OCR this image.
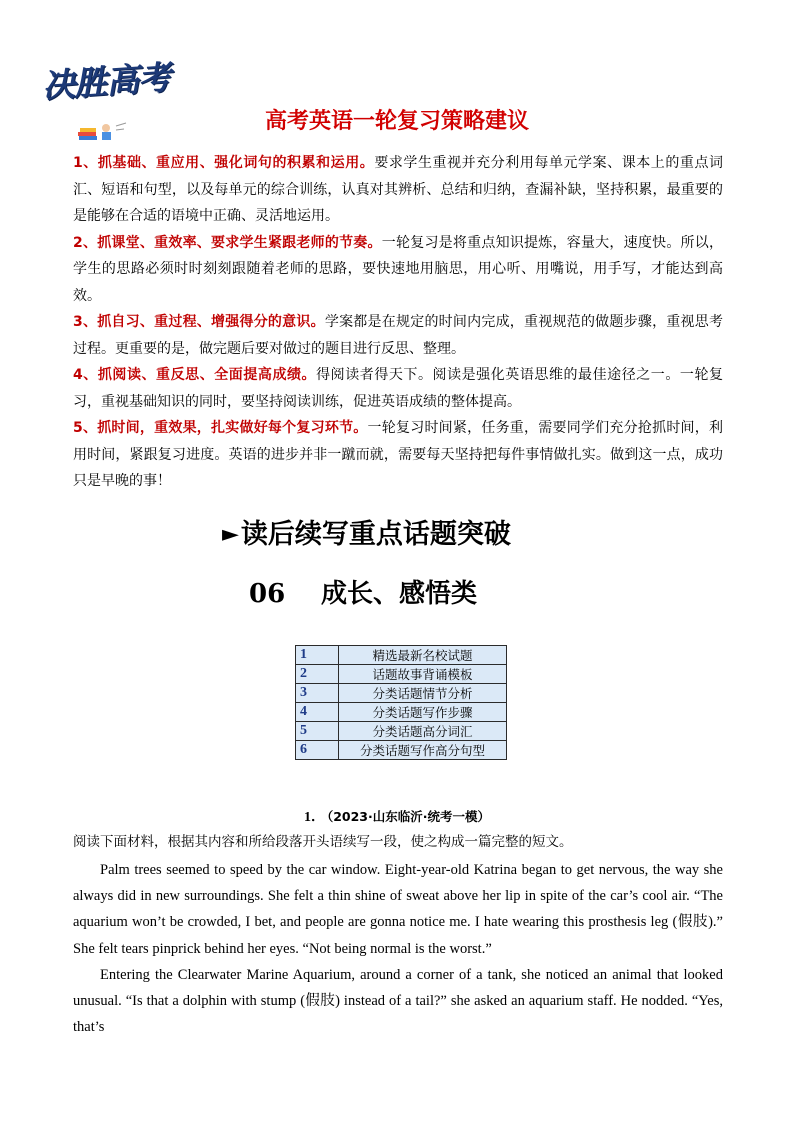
决胜高考
高考英语一轮复习策略建议

1、抓基础、重应用、强化词句的积累和运用。要求学生重视并充分利用每单元学案、课本上的重点词汇、短语和句型，以及每单元的综合训练，认真对其辨析、总结和归纳，查漏补缺，坚持积累，最重要的是能够在合适的语境中正确、灵活地运用。

2、抓课堂、重效率、要求学生紧跟老师的节奏。一轮复习是将重点知识提炼，容量大，速度快。所以，学生的思路必须时时刻刻跟随着老师的思路，要快速地用脑思，用心听、用嘴说，用手写，才能达到高效。

3、抓自习、重过程、增强得分的意识。学案都是在规定的时间内完成，重视规范的做题步骤，重视思考过程。更重要的是，做完题后要对做过的题目进行反思、整理。

4、抓阅读、重反思、全面提高成绩。得阅读者得天下。阅读是强化英语思维的最佳途径之一。一轮复习，重视基础知识的同时，要坚持阅读训练，促进英语成绩的整体提高。

5、抓时间，重效果，扎实做好每个复习环节。一轮复习时间紧，任务重，需要同学们充分抢抓时间，利用时间，紧跟复习进度。英语的进步并非一蹴而就，需要每天坚持把每件事情做扎实。做到这一点，成功只是早晚的事！

►读后续写重点话题突破
06 成长、感悟类
1	精选最新名校试题
2	话题故事背诵模板
3	分类话题情节分析
4	分类话题写作步骤
5	分类话题高分词汇
6	分类话题写作高分句型
1． （2023·山东临沂·统考一模）
阅读下面材料，根据其内容和所给段落开头语续写一段，使之构成一篇完整的短文。

Palm trees seemed to speed by the car window. Eight-year-old Katrina began to get nervous, the way she always did in new surroundings. She felt a thin shine of sweat above her lip in spite of the car’s cool air. “The aquarium won’t be crowded, I bet, and people are gonna notice me. I hate wearing this prosthesis leg (假肢).” She felt tears pinprick behind her eyes. “Not being normal is the worst.”

Entering the Clearwater Marine Aquarium, around a corner of a tank, she noticed an animal that looked unusual. “Is that a dolphin with stump (假肢) instead of a tail?” she asked an aquarium staff. He nodded. “Yes, that’s
